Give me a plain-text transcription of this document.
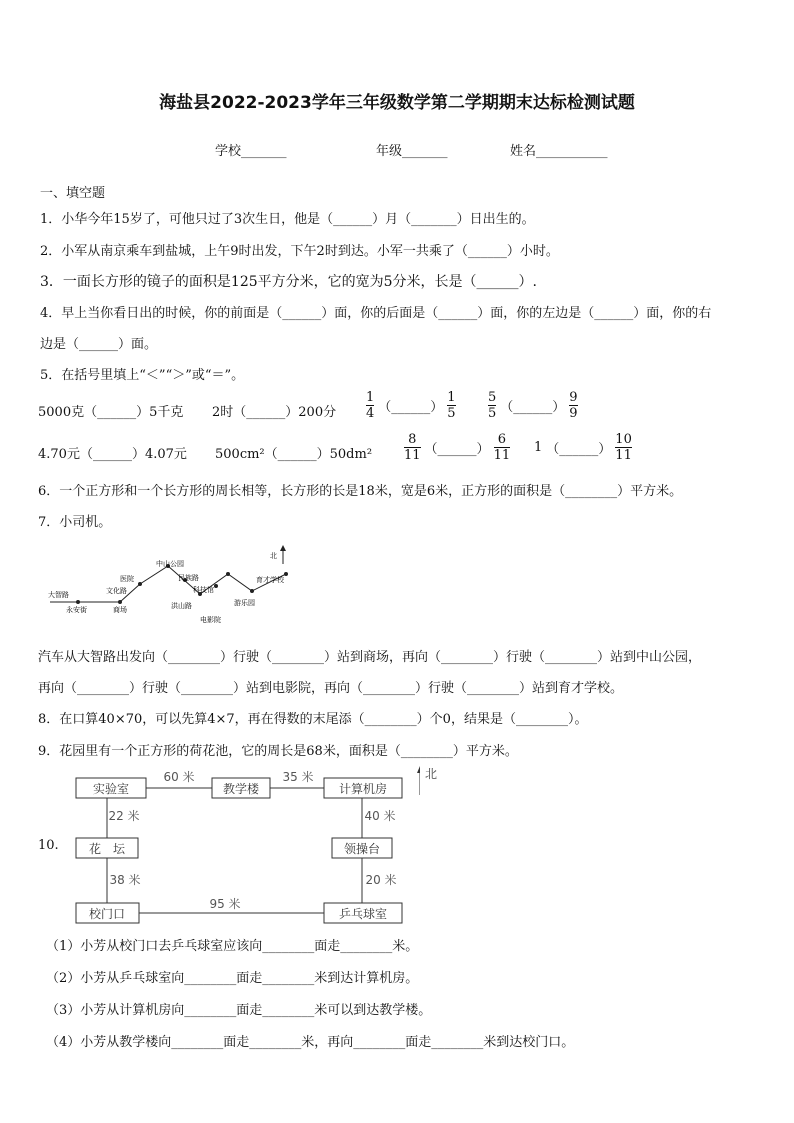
海盐县2022-2023学年三年级数学第二学期期末达标检测试题
学校_______	年级_______	姓名___________
一、填空题
1．小华今年15岁了，可他只过了3次生日，他是（______）月（_______）日出生的。
2．小军从南京乘车到盐城，上午9时出发，下午2时到达。小军一共乘了（______）小时。
3．一面长方形的镜子的面积是125平方分米，它的宽为5分米，长是（______）.
4．早上当你看日出的时候，你的前面是（______）面，你的后面是（______）面，你的左边是（______）面，你的右
边是（______）面。
5．在括号里填上“＜”“＞”或“＝”。
5000克（______）5千克 2时（______）200分 $\frac{1}{4}$ （______） $\frac{1}{5} \frac{5}{5}$ （______） $\frac{9}{9}$
4.70元（______）4.07元 500cm²（______）50dm² $\frac{8}{11}$ （______） $\frac{6}{11} 1$ （______） $\frac{10}{11}$
6．一个正方形和一个长方形的周长相等，长方形的长是18米，宽是6米，正方形的面积是（________）平方米。
7．小司机。
北
中山公园
医院	民族路
文化路	科技馆
大智路
永安街	商场	洪山路	游乐园
电影院
育才学校
汽车从大智路出发向（________）行驶（________）站到商场，再向（________）行驶（________）站到中山公园，
再向（________）行驶（________）站到电影院，再向（________）行驶（________）站到育才学校。
8．在口算40×70，可以先算4×7，再在得数的末尾添（________）个0，结果是（________）。
9．花园里有一个正方形的荷花池，它的周长是68米，面积是（________）平方米。
10.
实验室	教学楼	计算机房
花　坛	领操台
校门口	乒乓球室
60 米	35 米
22 米	40 米
38 米	20 米
95 米
北
（1）小芳从校门口去乒乓球室应该向________面走________米。
（2）小芳从乒乓球室向________面走________米到达计算机房。
（3）小芳从计算机房向________面走________米可以到达教学楼。
（4）小芳从教学楼向________面走________米，再向________面走________米到达校门口。
